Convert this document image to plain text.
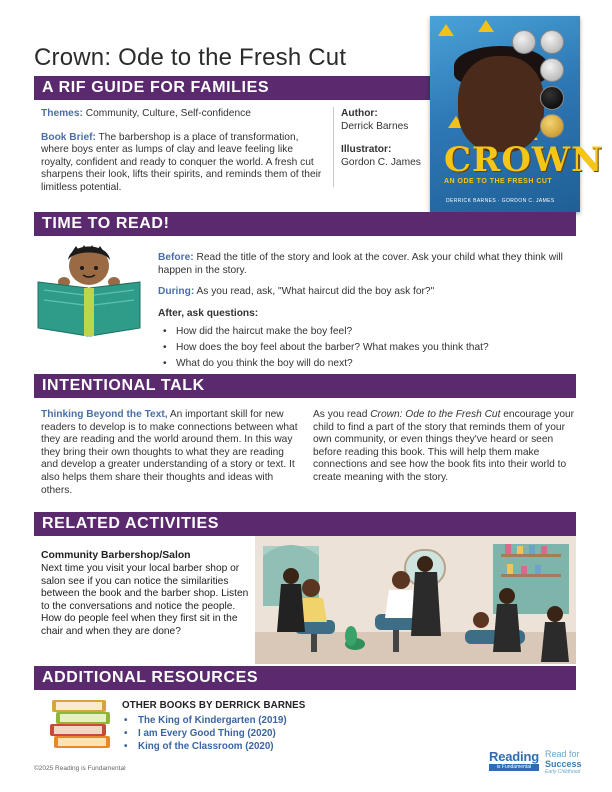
Crown: Ode to the Fresh Cut
A RIF GUIDE FOR FAMILIES

Themes: Community, Culture, Self-confidence

Book Brief: The barbershop is a place of transformation, where boys enter as lumps of clay and leave feeling like royalty, confident and ready to conquer the world. A fresh cut sharpens their look, lifts their spirits, and reminds them of their limitless potential.

Author:

Derrick Barnes

Illustrator:

Gordon C. James CROWN
AN ODE TO THE FRESH CUT
DERRICK BARNES · GORDON C. JAMES
TIME TO READ!

Before: Read the title of the story and look at the cover. Ask your child what they think will happen in the story.

During: As you read, ask, "What haircut did the boy ask for?"

After, ask questions:

• How did the haircut make the boy feel?
• How does the boy feel about the barber? What makes you think that?
• What do you think the boy will do next?
INTENTIONAL TALK

Thinking Beyond the Text, An important skill for new readers to develop is to make connections between what they are reading and the world around them. In this way they bring their own thoughts to what they are reading and develop a greater understanding of a story or text. It also helps them share their thoughts and ideas with others.

As you read Crown: Ode to the Fresh Cut encourage your child to find a part of the story that reminds them of your own community, or even things they've heard or seen before reading this book. This will help them make connections and see how the book fits into their world to create meaning with the story.

RELATED ACTIVITIES

Community Barbershop/Salon

Next time you visit your local barber shop or salon see if you can notice the similarities between the book and the barber shop. Listen to the conversations and notice the people. How do people feel when they first sit in the chair and when they are done?

ADDITIONAL RESOURCES

OTHER BOOKS BY DERRICK BARNES

• The King of Kindergarten (2019)
• I am Every Good Thing (2020)
• King of the Classroom (2020)
©2025 Reading is Fundamental
Reading
is Fundamental
Read for
Success
Early Childhood
